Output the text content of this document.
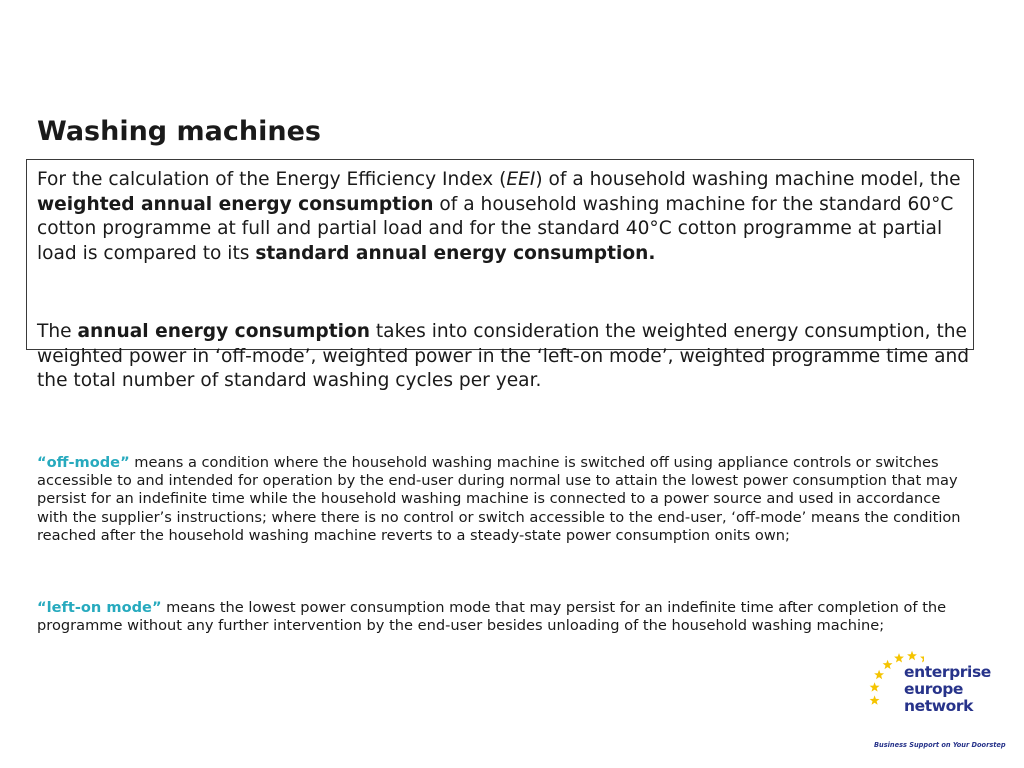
Washing machines

For the calculation of the Energy Efficiency Index (EEI) of a household washing machine model, the weighted annual energy consumption of a household washing machine for the standard 60°C cotton programme at full and partial load and for the standard 40°C cotton programme at partial load is compared to its standard annual energy consumption.

The annual energy consumption takes into consideration the weighted energy consumption, the weighted power in ‘off-mode’, weighted power in the ‘left-on mode’, weighted programme time and the total number of standard washing cycles per year.

“off-mode” means a condition where the household washing machine is switched off using appliance controls or switches accessible to and intended for operation by the end-user during normal use to attain the lowest power consumption that may persist for an indefinite time while the household washing machine is connected to a power source and used in accordance with the supplier’s instructions; where there is no control or switch accessible to the end-user, ‘off-mode’ means the condition reached after the household washing machine reverts to a steady-state power consumption onits own;

“left-on mode” means the lowest power consumption mode that may persist for an indefinite time after completion of the programme without any further intervention by the end-user besides unloading of the household washing machine;

enterprise
europe
network
Business Support on Your Doorstep
